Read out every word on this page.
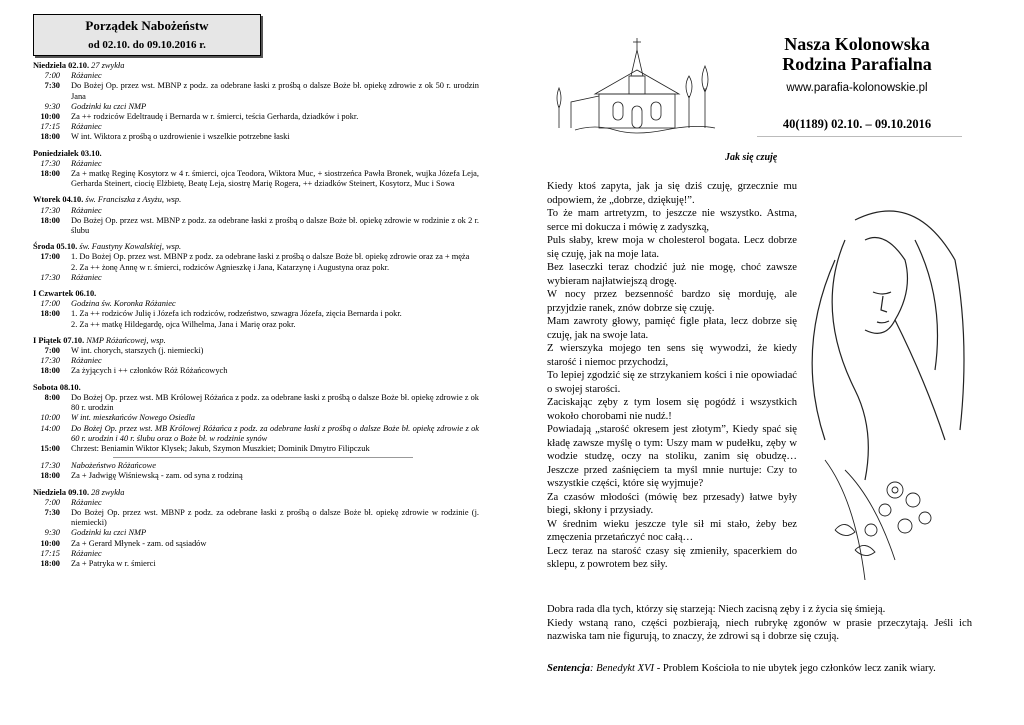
Porządek Nabożeństw
od 02.10. do 09.10.2016 r.
Niedziela 02.10. 27 zwykła
7:00	Różaniec
7:30	Do Bożej Op. przez wst. MBNP z podz. za odebrane łaski z prośbą o dalsze Boże bł. opiekę zdrowie z ok 50 r. urodzin Jana
9:30	Godzinki ku czci NMP
10:00	Za ++ rodziców Edeltraudę i Bernarda w r. śmierci, teścia Gerharda, dziadków i pokr.
17:15	Różaniec
18:00	W int. Wiktora z prośbą o uzdrowienie i wszelkie potrzebne łaski
Poniedziałek 03.10.
17:30	Różaniec
18:00	Za + matkę Reginę Kosytorz w 4 r. śmierci, ojca Teodora, Wiktora Muc, + siostrzeńca Pawła Bronek, wujka Józefa Leja, Gerharda Steinert, ciocię Elżbietę, Beatę Leja, siostrę Marię Rogera, ++ dziadków Steinert, Kosytorz, Muc i Sowa
Wtorek 04.10. św. Franciszka z Asyżu, wsp.
17:30	Różaniec
18:00	Do Bożej Op. przez wst. MBNP z podz. za odebrane łaski z prośbą o dalsze Boże bł. opiekę zdrowie w rodzinie z ok 2 r. ślubu
Środa 05.10. św. Faustyny Kowalskiej, wsp.
17:00	1. Do Bożej Op. przez wst. MBNP z podz. za odebrane łaski z prośbą o dalsze Boże bł. opiekę zdrowie oraz za + męża
2. Za ++ żonę Annę w r. śmierci, rodziców Agnieszkę i Jana, Katarzynę i Augustyna oraz pokr.
17:30	Różaniec
I Czwartek 06.10.
17:00	Godzina św. Koronka Różaniec
18:00	1. Za ++ rodziców Julię i Józefa ich rodziców, rodzeństwo, szwagra Józefa, zięcia Bernarda i pokr.
2. Za ++ matkę Hildegardę, ojca Wilhelma, Jana i Marię oraz pokr.
I Piątek 07.10. NMP Różańcowej, wsp.
7:00	W int. chorych, starszych (j. niemiecki)
17:30	Różaniec
18:00	Za żyjących i ++ członków Róż Różańcowych
Sobota 08.10.
8:00	Do Bożej Op. przez wst. MB Królowej Różańca z podz. za odebrane łaski z prośbą o dalsze Boże bł. opiekę zdrowie z ok 80 r. urodzin
10:00	W int. mieszkańców Nowego Osiedla
14:00	Do Bożej Op. przez wst. MB Królowej Różańca z podz. za odebrane łaski z prośbą o dalsze Boże bł. opiekę zdrowie z ok 60 r. urodzin i 40 r. ślubu oraz o Boże bł. w rodzinie synów
15:00	Chrzest: Beniamin Wiktor Klysek; Jakub, Szymon Muszkiet; Dominik Dmytro Filipczuk
17:30	Nabożeństwo Różańcowe
18:00	Za + Jadwigę Wiśniewską - zam. od syna z rodziną
Niedziela 09.10. 28 zwykła
7:00	Różaniec
7:30	Do Bożej Op. przez wst. MBNP z podz. za odebrane łaski z prośbą o dalsze Boże bł. opiekę zdrowie w rodzinie (j. niemiecki)
9:30	Godzinki ku czci NMP
10:00	Za + Gerard Młynek - zam. od sąsiadów
17:15	Różaniec
18:00	Za + Patryka w r. śmierci
Nasza Kolonowska
Rodzina Parafialna
www.parafia-kolonowskie.pl
40(1189) 02.10. – 09.10.2016
Jak się czuję

Kiedy ktoś zapyta, jak ja się dziś czuję, grzecznie mu odpowiem, że „dobrze, dziękuję!”.

To że mam artretyzm, to jeszcze nie wszystko. Astma, serce mi dokucza i mówię z zadyszką,

Puls słaby, krew moja w cholesterol bogata. Lecz dobrze się czuję, jak na moje lata.

Bez laseczki teraz chodzić już nie mogę, choć zawsze wybieram najłatwiejszą drogę.

W nocy przez bezsenność bardzo się morduję, ale przyjdzie ranek, znów dobrze się czuję.

Mam zawroty głowy, pamięć figle płata, lecz dobrze się czuję, jak na swoje lata.

Z wierszyka mojego ten sens się wywodzi, że kiedy starość i niemoc przychodzi,

To lepiej zgodzić się ze strzykaniem kości i nie opowiadać o swojej starości.

Zaciskając zęby z tym losem się pogódź i wszystkich wokoło chorobami nie nudź.!

Powiadają „starość okresem jest złotym”, Kiedy spać się kładę zawsze myślę o tym: Uszy mam w pudełku, zęby w wodzie studzę, oczy na stoliku, zanim się obudzę… Jeszcze przed zaśnięciem ta myśl mnie nurtuje: Czy to wszystkie części, które się wyjmuje?

Za czasów młodości (mówię bez przesady) łatwe były biegi, skłony i przysiady.

W średnim wieku jeszcze tyle sił mi stało, żeby bez zmęczenia przetańczyć noc całą…

Lecz teraz na starość czasy się zmieniły, spacerkiem do sklepu, z powrotem bez siły.

Dobra rada dla tych, którzy się starzeją: Niech zacisną zęby i z życia się śmieją.

Kiedy wstaną rano, części pozbierają, niech rubrykę zgonów w prasie przeczytają. Jeśli ich nazwiska tam nie figurują, to znaczy, że zdrowi są i dobrze się czują.

Sentencja: Benedykt XVI - Problem Kościoła to nie ubytek jego członków lecz zanik wiary.
